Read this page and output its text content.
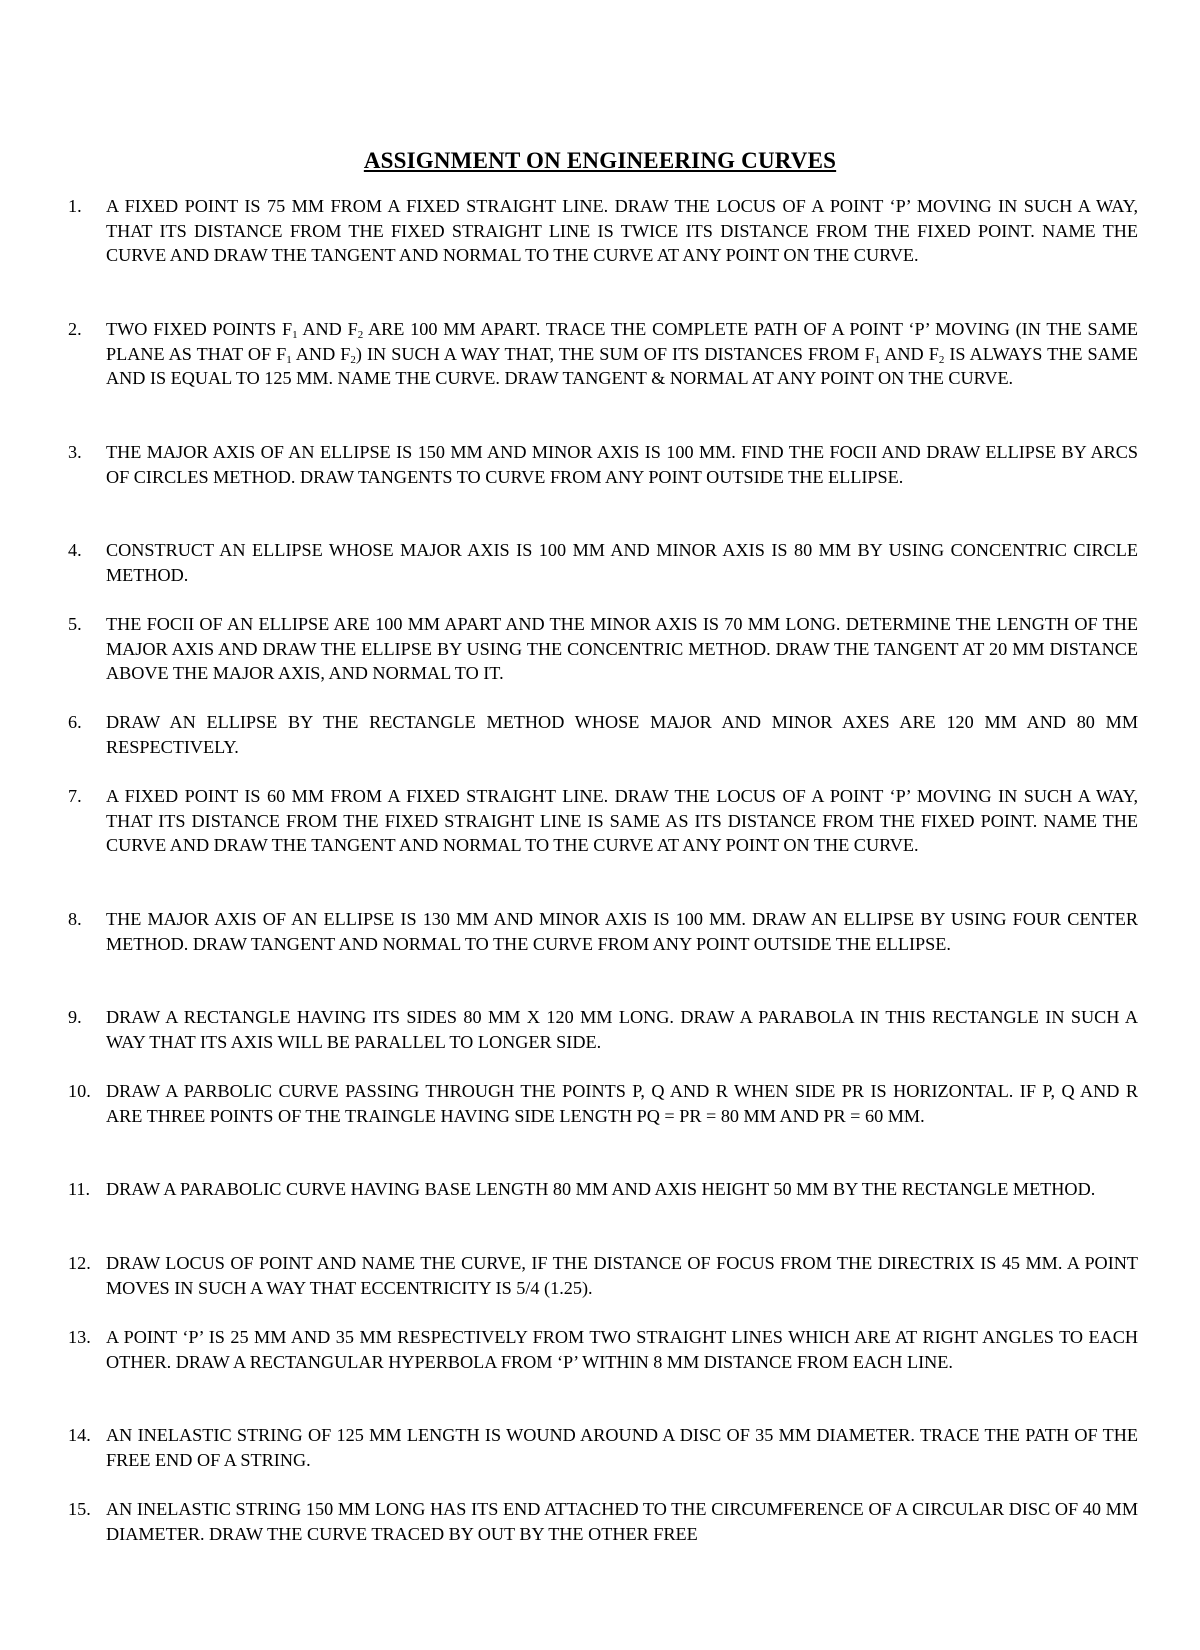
ASSIGNMENT ON ENGINEERING CURVES
1.	A FIXED POINT IS 75 MM FROM A FIXED STRAIGHT LINE. DRAW THE LOCUS OF A POINT ‘P’ MOVING IN SUCH A WAY, THAT ITS DISTANCE FROM THE FIXED STRAIGHT LINE IS TWICE ITS DISTANCE FROM THE FIXED POINT. NAME THE CURVE AND DRAW THE TANGENT AND NORMAL TO THE CURVE AT ANY POINT ON THE CURVE.
2.	TWO FIXED POINTS $F_1$ AND $F_2$ ARE 100 MM APART. TRACE THE COMPLETE PATH OF A POINT ‘P’ MOVING (IN THE SAME PLANE AS THAT OF $F_1$ AND $F_2$) IN SUCH A WAY THAT, THE SUM OF ITS DISTANCES FROM $F_1$ AND $F_2$ IS ALWAYS THE SAME AND IS EQUAL TO 125 MM. NAME THE CURVE. DRAW TANGENT & NORMAL AT ANY POINT ON THE CURVE.
3.	THE MAJOR AXIS OF AN ELLIPSE IS 150 MM AND MINOR AXIS IS 100 MM. FIND THE FOCII AND DRAW ELLIPSE BY ARCS OF CIRCLES METHOD. DRAW TANGENTS TO CURVE FROM ANY POINT OUTSIDE THE ELLIPSE.
4.	CONSTRUCT AN ELLIPSE WHOSE MAJOR AXIS IS 100 MM AND MINOR AXIS IS 80 MM BY USING CONCENTRIC CIRCLE METHOD.
5.	THE FOCII OF AN ELLIPSE ARE 100 MM APART AND THE MINOR AXIS IS 70 MM LONG. DETERMINE THE LENGTH OF THE MAJOR AXIS AND DRAW THE ELLIPSE BY USING THE CONCENTRIC METHOD. DRAW THE TANGENT AT 20 MM DISTANCE ABOVE THE MAJOR AXIS, AND NORMAL TO IT.
6.	DRAW AN ELLIPSE BY THE RECTANGLE METHOD WHOSE MAJOR AND MINOR AXES ARE 120 MM AND 80 MM RESPECTIVELY.
7.	A FIXED POINT IS 60 MM FROM A FIXED STRAIGHT LINE. DRAW THE LOCUS OF A POINT ‘P’ MOVING IN SUCH A WAY, THAT ITS DISTANCE FROM THE FIXED STRAIGHT LINE IS SAME AS ITS DISTANCE FROM THE FIXED POINT. NAME THE CURVE AND DRAW THE TANGENT AND NORMAL TO THE CURVE AT ANY POINT ON THE CURVE.
8.	THE MAJOR AXIS OF AN ELLIPSE IS 130 MM AND MINOR AXIS IS 100 MM. DRAW AN ELLIPSE BY USING FOUR CENTER METHOD. DRAW TANGENT AND NORMAL TO THE CURVE FROM ANY POINT OUTSIDE THE ELLIPSE.
9.	DRAW A RECTANGLE HAVING ITS SIDES 80 MM X 120 MM LONG. DRAW A PARABOLA IN THIS RECTANGLE IN SUCH A WAY THAT ITS AXIS WILL BE PARALLEL TO LONGER SIDE.
10. DRAW A PARBOLIC CURVE PASSING THROUGH THE POINTS P, Q AND R WHEN SIDE PR IS HORIZONTAL. IF P, Q AND R ARE THREE POINTS OF THE TRAINGLE HAVING SIDE LENGTH PQ = PR = 80 MM AND PR = 60 MM.
11. DRAW A PARABOLIC CURVE HAVING BASE LENGTH 80 MM AND AXIS HEIGHT 50 MM BY THE RECTANGLE METHOD.
12. DRAW LOCUS OF POINT AND NAME THE CURVE, IF THE DISTANCE OF FOCUS FROM THE DIRECTRIX IS 45 MM. A POINT MOVES IN SUCH A WAY THAT ECCENTRICITY IS 5/4 (1.25).
13. A POINT ‘P’ IS 25 MM AND 35 MM RESPECTIVELY FROM TWO STRAIGHT LINES WHICH ARE AT RIGHT ANGLES TO EACH OTHER. DRAW A RECTANGULAR HYPERBOLA FROM ‘P’ WITHIN 8 MM DISTANCE FROM EACH LINE.
14. AN INELASTIC STRING OF 125 MM LENGTH IS WOUND AROUND A DISC OF 35 MM DIAMETER. TRACE THE PATH OF THE FREE END OF A STRING.
15. AN INELASTIC STRING 150 MM LONG HAS ITS END ATTACHED TO THE CIRCUMFERENCE OF A CIRCULAR DISC OF 40 MM DIAMETER. DRAW THE CURVE TRACED BY OUT BY THE OTHER FREE
